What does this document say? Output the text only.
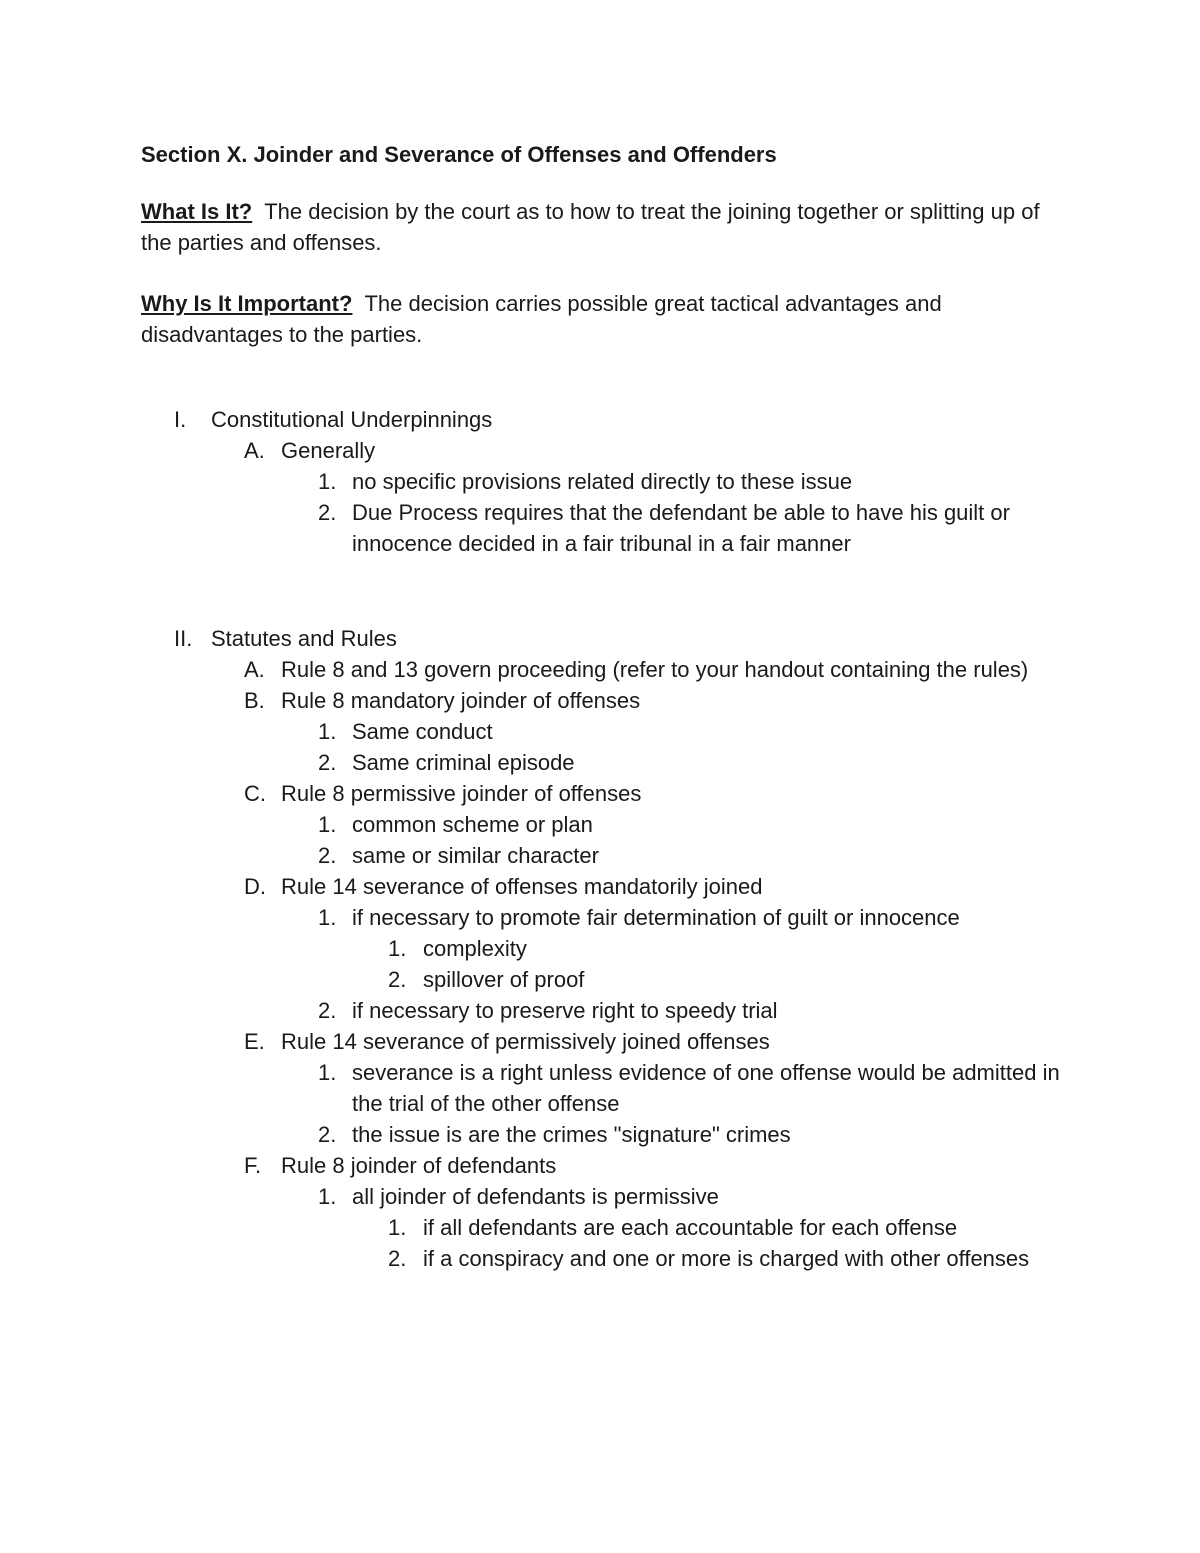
Section X. Joinder and Severance of Offenses and Offenders
What Is It? The decision by the court as to how to treat the joining together or splitting up of the parties and offenses.
Why Is It Important? The decision carries possible great tactical advantages and disadvantages to the parties.
I. Constitutional Underpinnings
A. Generally
1. no specific provisions related directly to these issue
2. Due Process requires that the defendant be able to have his guilt or innocence decided in a fair tribunal in a fair manner
II. Statutes and Rules
A. Rule 8 and 13 govern proceeding (refer to your handout containing the rules)
B. Rule 8 mandatory joinder of offenses
1. Same conduct
2. Same criminal episode
C. Rule 8 permissive joinder of offenses
1. common scheme or plan
2. same or similar character
D. Rule 14 severance of offenses mandatorily joined
1. if necessary to promote fair determination of guilt or innocence
1. complexity
2. spillover of proof
2. if necessary to preserve right to speedy trial
E. Rule 14 severance of permissively joined offenses
1. severance is a right unless evidence of one offense would be admitted in the trial of the other offense
2. the issue is are the crimes "signature" crimes
F. Rule 8 joinder of defendants
1. all joinder of defendants is permissive
1. if all defendants are each accountable for each offense
2. if a conspiracy and one or more is charged with other offenses
